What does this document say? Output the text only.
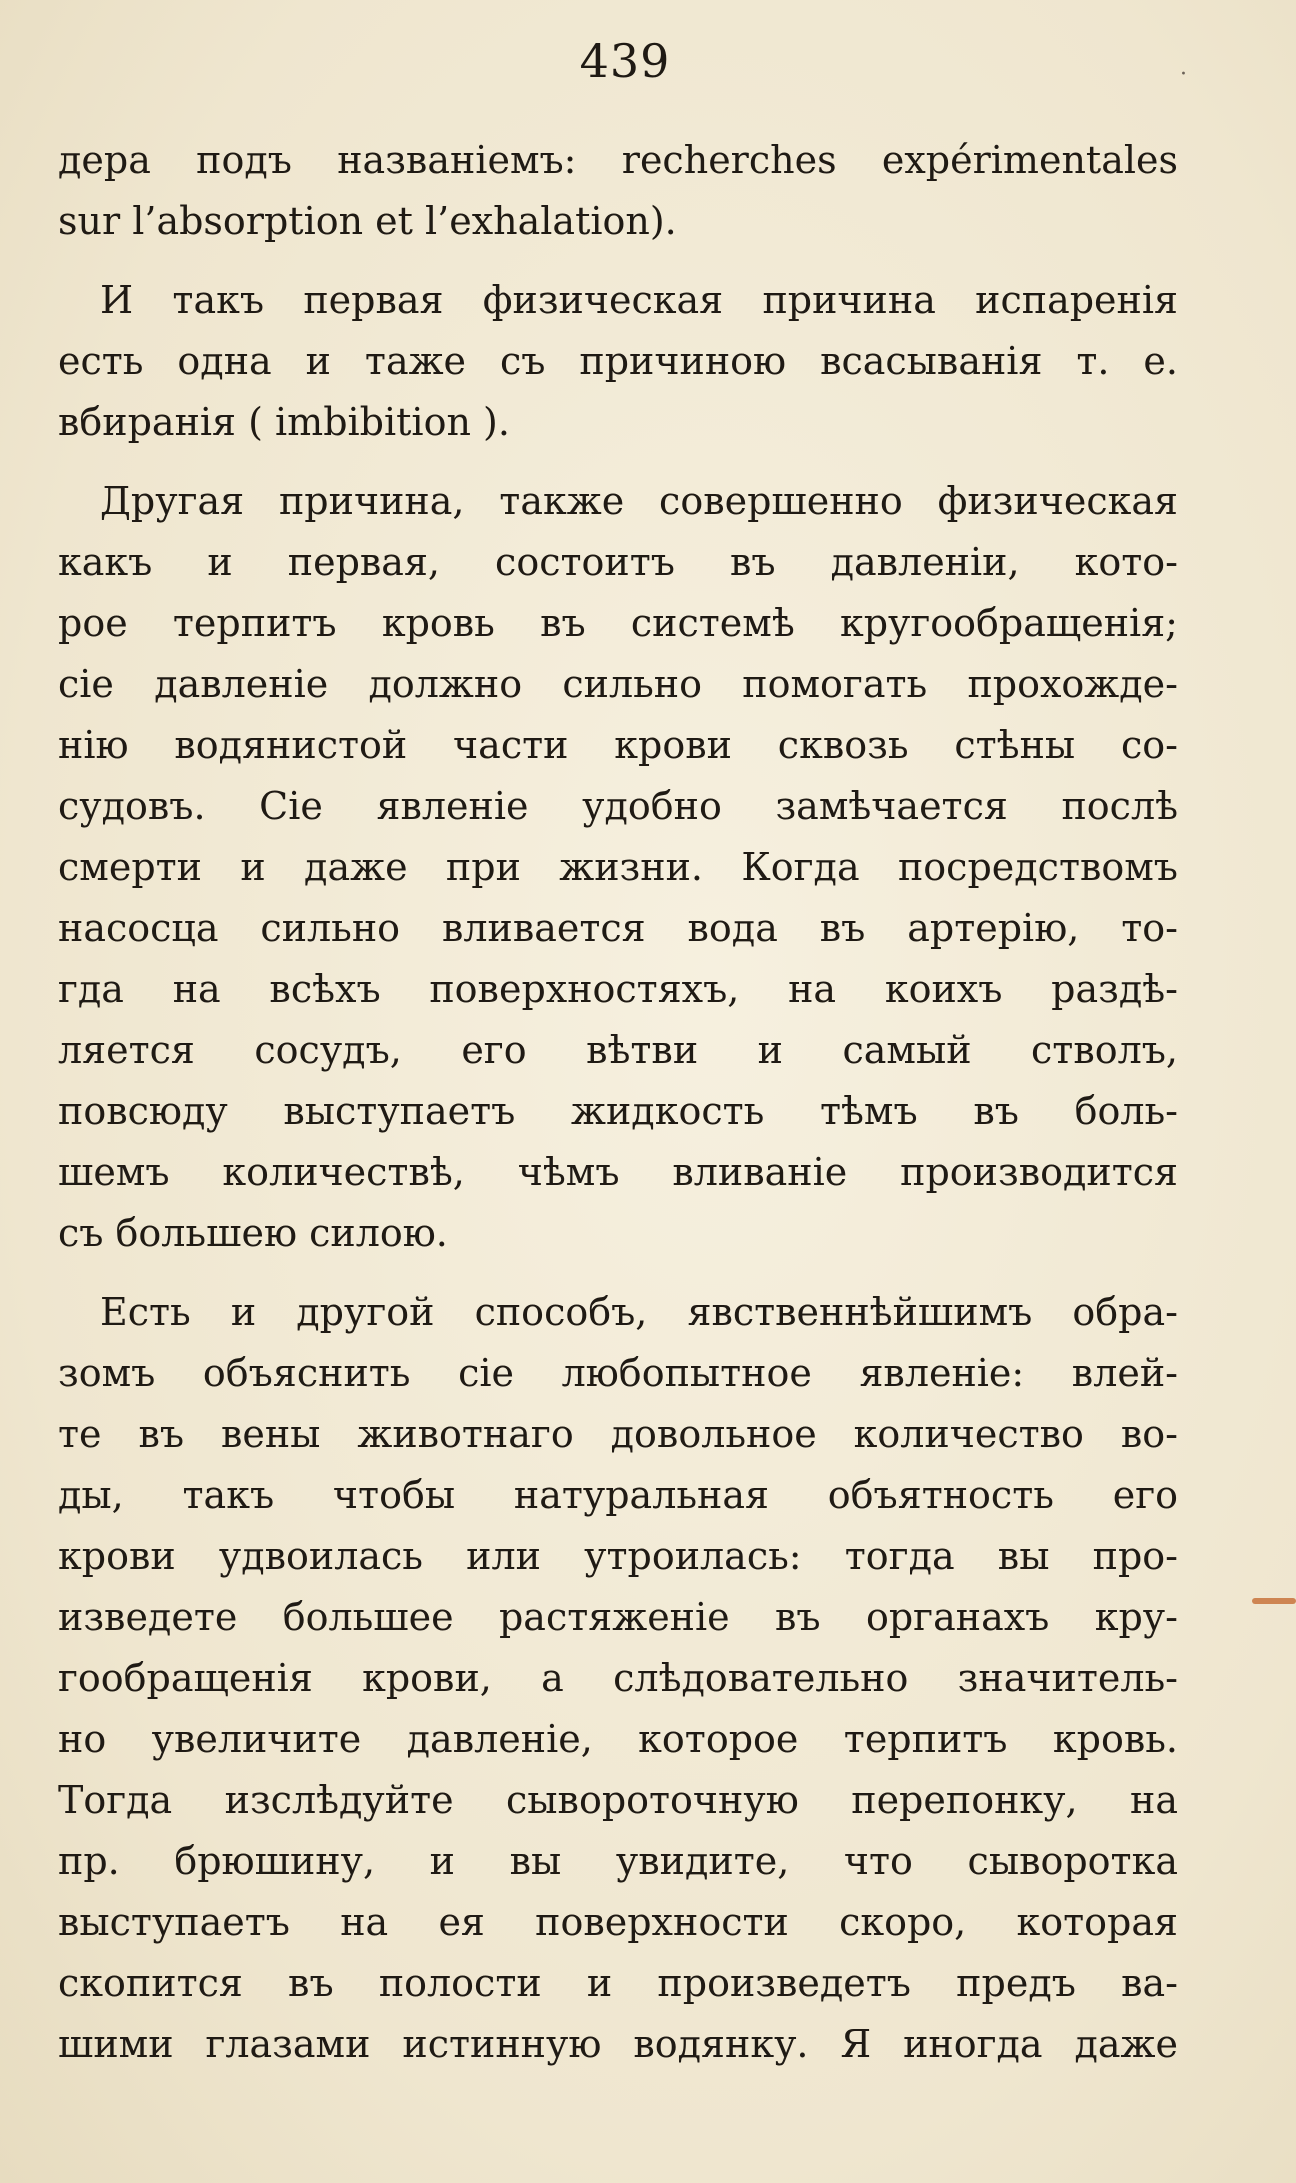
439	·
дера подъ названіемъ: recherches expérimentales
sur l’absorption et l’exhalation).
И такъ первая физическая причина испаренія
есть одна и таже съ причиною всасыванія т. е.
вбиранія ( imbibition ).
Другая причина, также совершенно физическая
какъ и первая, состоитъ въ давленіи, кото-
рое терпитъ кровь въ системѣ кругообращенія;
сіе давленіе должно сильно помогать прохожде-
нію водянистой части крови сквозь стѣны со-
судовъ. Сіе явленіе удобно замѣчается послѣ
смерти и даже при жизни. Когда посредствомъ
насосца сильно вливается вода въ артерію, то-
гда на всѣхъ поверхностяхъ, на коихъ раздѣ-
ляется сосудъ, его вѣтви и самый стволъ,
повсюду выступаетъ жидкость тѣмъ въ боль-
шемъ количествѣ, чѣмъ вливаніе производится
съ большею силою.
Есть и другой способъ, явственнѣйшимъ обра-
зомъ объяснить сіе любопытное явленіе: влей-
те въ вены животнаго довольное количество во-
ды, такъ чтобы натуральная объятность его
крови удвоилась или утроилась: тогда вы про-
изведете большее растяженіе въ органахъ кру-
гообращенія крови, а слѣдовательно значитель-
но увеличите давленіе, которое терпитъ кровь.
Тогда изслѣдуйте сывороточную перепонку, на
пр. брюшину, и вы увидите, что сыворотка
выступаетъ на ея поверхности скоро, которая
скопится въ полости и произведетъ предъ ва-
шими глазами истинную водянку. Я иногда даже
